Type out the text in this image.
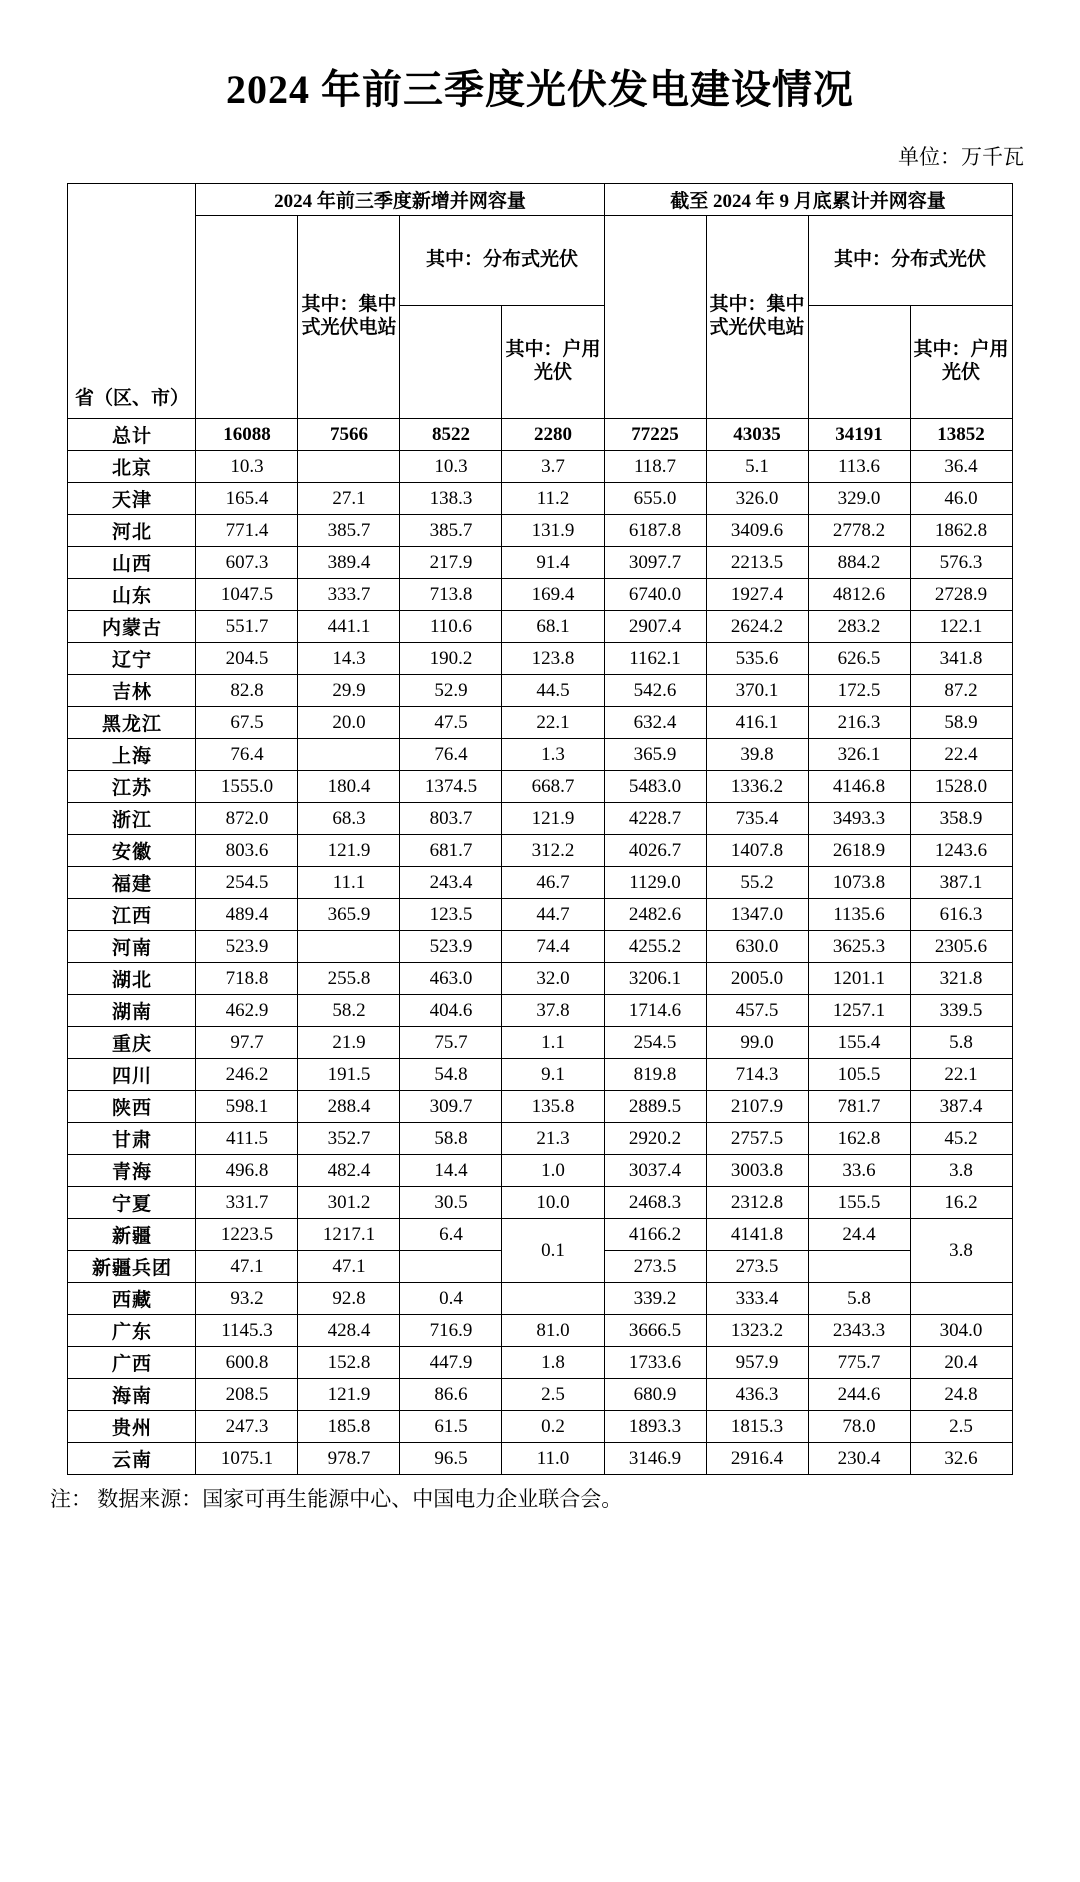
2024 年前三季度光伏发电建设情况
单位：万千瓦
省（区、市）	2024 年前三季度新增并网容量				截至 2024 年 9 月底累计并网容量			
		其中：集中式光伏电站	其中：分布式光伏			其中：集中式光伏电站	其中：分布式光伏	
				其中：户用光伏				其中：户用光伏

总计	16088	7566	8522	2280	77225	43035	34191	13852
北京	10.3		10.3	3.7	118.7	5.1	113.6	36.4
天津	165.4	27.1	138.3	11.2	655.0	326.0	329.0	46.0
河北	771.4	385.7	385.7	131.9	6187.8	3409.6	2778.2	1862.8
山西	607.3	389.4	217.9	91.4	3097.7	2213.5	884.2	576.3
山东	1047.5	333.7	713.8	169.4	6740.0	1927.4	4812.6	2728.9
内蒙古	551.7	441.1	110.6	68.1	2907.4	2624.2	283.2	122.1
辽宁	204.5	14.3	190.2	123.8	1162.1	535.6	626.5	341.8
吉林	82.8	29.9	52.9	44.5	542.6	370.1	172.5	87.2
黑龙江	67.5	20.0	47.5	22.1	632.4	416.1	216.3	58.9
上海	76.4		76.4	1.3	365.9	39.8	326.1	22.4
江苏	1555.0	180.4	1374.5	668.7	5483.0	1336.2	4146.8	1528.0
浙江	872.0	68.3	803.7	121.9	4228.7	735.4	3493.3	358.9
安徽	803.6	121.9	681.7	312.2	4026.7	1407.8	2618.9	1243.6
福建	254.5	11.1	243.4	46.7	1129.0	55.2	1073.8	387.1
江西	489.4	365.9	123.5	44.7	2482.6	1347.0	1135.6	616.3
河南	523.9		523.9	74.4	4255.2	630.0	3625.3	2305.6
湖北	718.8	255.8	463.0	32.0	3206.1	2005.0	1201.1	321.8
湖南	462.9	58.2	404.6	37.8	1714.6	457.5	1257.1	339.5
重庆	97.7	21.9	75.7	1.1	254.5	99.0	155.4	5.8
四川	246.2	191.5	54.8	9.1	819.8	714.3	105.5	22.1
陕西	598.1	288.4	309.7	135.8	2889.5	2107.9	781.7	387.4
甘肃	411.5	352.7	58.8	21.3	2920.2	2757.5	162.8	45.2
青海	496.8	482.4	14.4	1.0	3037.4	3003.8	33.6	3.8
宁夏	331.7	301.2	30.5	10.0	2468.3	2312.8	155.5	16.2
新疆	1223.5	1217.1	6.4	0.1	4166.2	4141.8	24.4	3.8
新疆兵团	47.1	47.1			273.5	273.5		
西藏	93.2	92.8	0.4		339.2	333.4	5.8	
广东	1145.3	428.4	716.9	81.0	3666.5	1323.2	2343.3	304.0
广西	600.8	152.8	447.9	1.8	1733.6	957.9	775.7	20.4
海南	208.5	121.9	86.6	2.5	680.9	436.3	244.6	24.8
贵州	247.3	185.8	61.5	0.2	1893.3	1815.3	78.0	2.5
云南	1075.1	978.7	96.5	11.0	3146.9	2916.4	230.4	32.6
注： 数据来源：国家可再生能源中心、中国电力企业联合会。
